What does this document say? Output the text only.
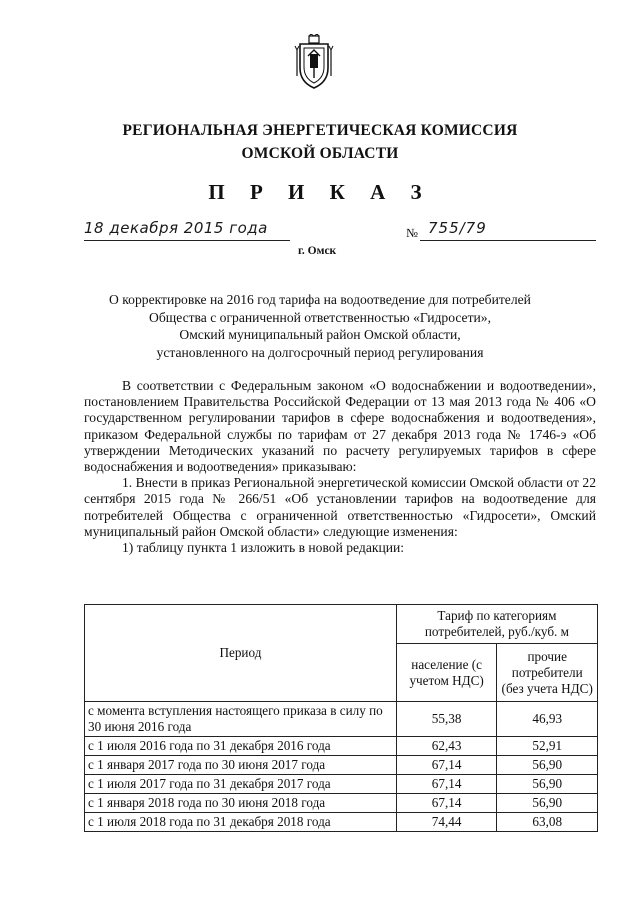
РЕГИОНАЛЬНАЯ ЭНЕРГЕТИЧЕСКАЯ КОМИССИЯ
ОМСКОЙ ОБЛАСТИ
П Р И К А З
18 декабря 2015 года
г. Омск
№ 755/79
О корректировке на 2016 год тарифа на водоотведение для потребителей
Общества с ограниченной ответственностью «Гидросети»,
Омский муниципальный район Омской области,
установленного на долгосрочный период регулирования

В соответствии с Федеральным законом «О водоснабжении и водоотведении», постановлением Правительства Российской Федерации от 13 мая 2013 года № 406 «О государственном регулировании тарифов в сфере водоснабжения и водоотведения», приказом Федеральной службы по тарифам от 27 декабря 2013 года № 1746-э «Об утверждении Методических указаний по расчету регулируемых тарифов в сфере водоснабжения и водоотведения» приказываю:

1. Внести в приказ Региональной энергетической комиссии Омской области от 22 сентября 2015 года № 266/51 «Об установлении тарифов на водоотведение для потребителей Общества с ограниченной ответственностью «Гидросети», Омский муниципальный район Омской области» следующие изменения:

1) таблицу пункта 1 изложить в новой редакции:

Период	Тариф по категориям потребителей, руб./куб. м	
	население (с учетом НДС)	прочие потребители (без учета НДС)
с момента вступления настоящего приказа в силу по 30 июня 2016 года	55,38	46,93
с 1 июля 2016 года по 31 декабря 2016 года	62,43	52,91
с 1 января 2017 года по 30 июня 2017 года	67,14	56,90
с 1 июля 2017 года по 31 декабря 2017 года	67,14	56,90
с 1 января 2018 года по 30 июня 2018 года	67,14	56,90
с 1 июля 2018 года по 31 декабря 2018 года	74,44	63,08
